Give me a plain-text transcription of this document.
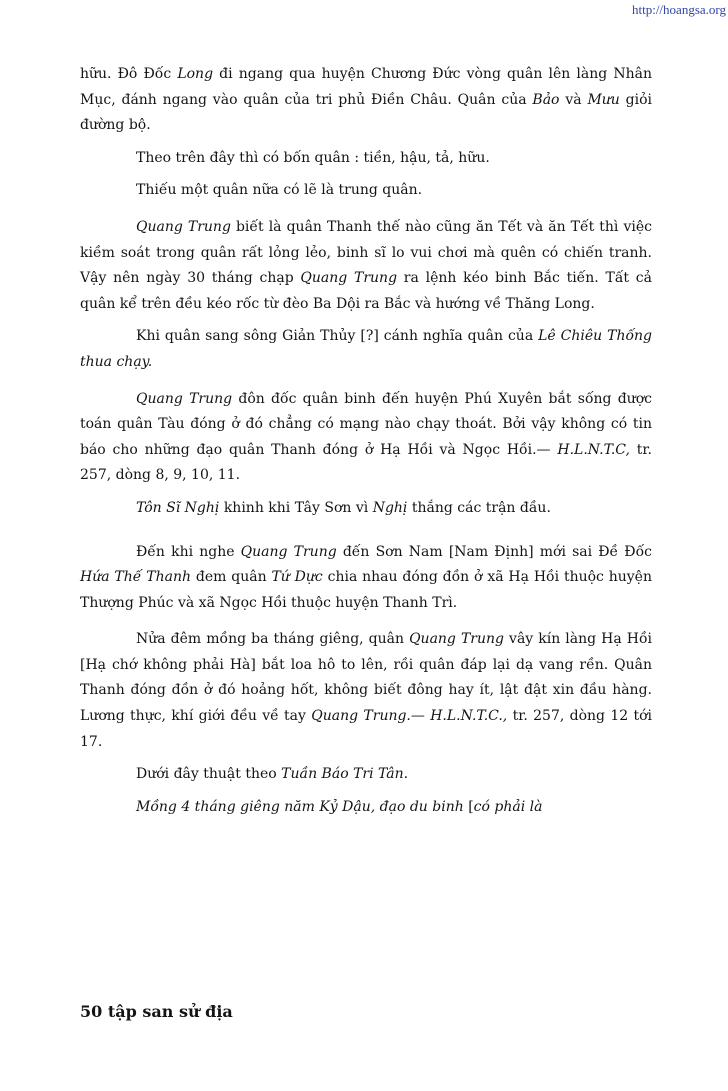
http://hoangsa.org

hữu. Đô Đốc Long đi ngang qua huyện Chương Đức vòng quân lên làng Nhân Mục, đánh ngang vào quân của tri phủ Điền Châu. Quân của Bảo và Mưu giỏi đường bộ.

Theo trên đây thì có bốn quân : tiền, hậu, tả, hữu.

Thiếu một quân nữa có lẽ là trung quân.

Quang Trung biết là quân Thanh thế nào cũng ăn Tết và ăn Tết thì việc kiềm soát trong quân rất lỏng lẻo, binh sĩ lo vui chơi mà quên có chiến tranh. Vậy nên ngày 30 tháng chạp Quang Trung ra lệnh kéo binh Bắc tiến. Tất cả quân kể trên đều kéo rốc từ đèo Ba Dội ra Bắc và hướng về Thăng Long.

Khi quân sang sông Giản Thủy [?] cánh nghĩa quân của Lê Chiêu Thống thua chạy.

Quang Trung đôn đốc quân binh đến huyện Phú Xuyên bắt sống được toán quân Tàu đóng ở đó chẳng có mạng nào chạy thoát. Bởi vậy không có tin báo cho những đạo quân Thanh đóng ở Hạ Hồi và Ngọc Hồi.— H.L.N.T.C, tr. 257, dòng 8, 9, 10, 11.

Tôn Sĩ Nghị khinh khi Tây Sơn vì Nghị thắng các trận đầu.

Đến khi nghe Quang Trung đến Sơn Nam [Nam Định] mới sai Đề Đốc Hứa Thế Thanh đem quân Tứ Dực chia nhau đóng đồn ở xã Hạ Hồi thuộc huyện Thượng Phúc và xã Ngọc Hồi thuộc huyện Thanh Trì.

Nửa đêm mồng ba tháng giêng, quân Quang Trung vây kín làng Hạ Hồi [Hạ chớ không phải Hà] bắt loa hô to lên, rồi quân đáp lại dạ vang rền. Quân Thanh đóng đồn ở đó hoảng hốt, không biết đông hay ít, lật đật xin đầu hàng. Lương thực, khí giới đều về tay Quang Trung.— H.L.N.T.C., tr. 257, dòng 12 tới 17.

Dưới đây thuật theo Tuần Báo Tri Tân.

Mồng 4 tháng giêng năm Kỷ Dậu, đạo du binh [có phải là

50 tập san sử địa
